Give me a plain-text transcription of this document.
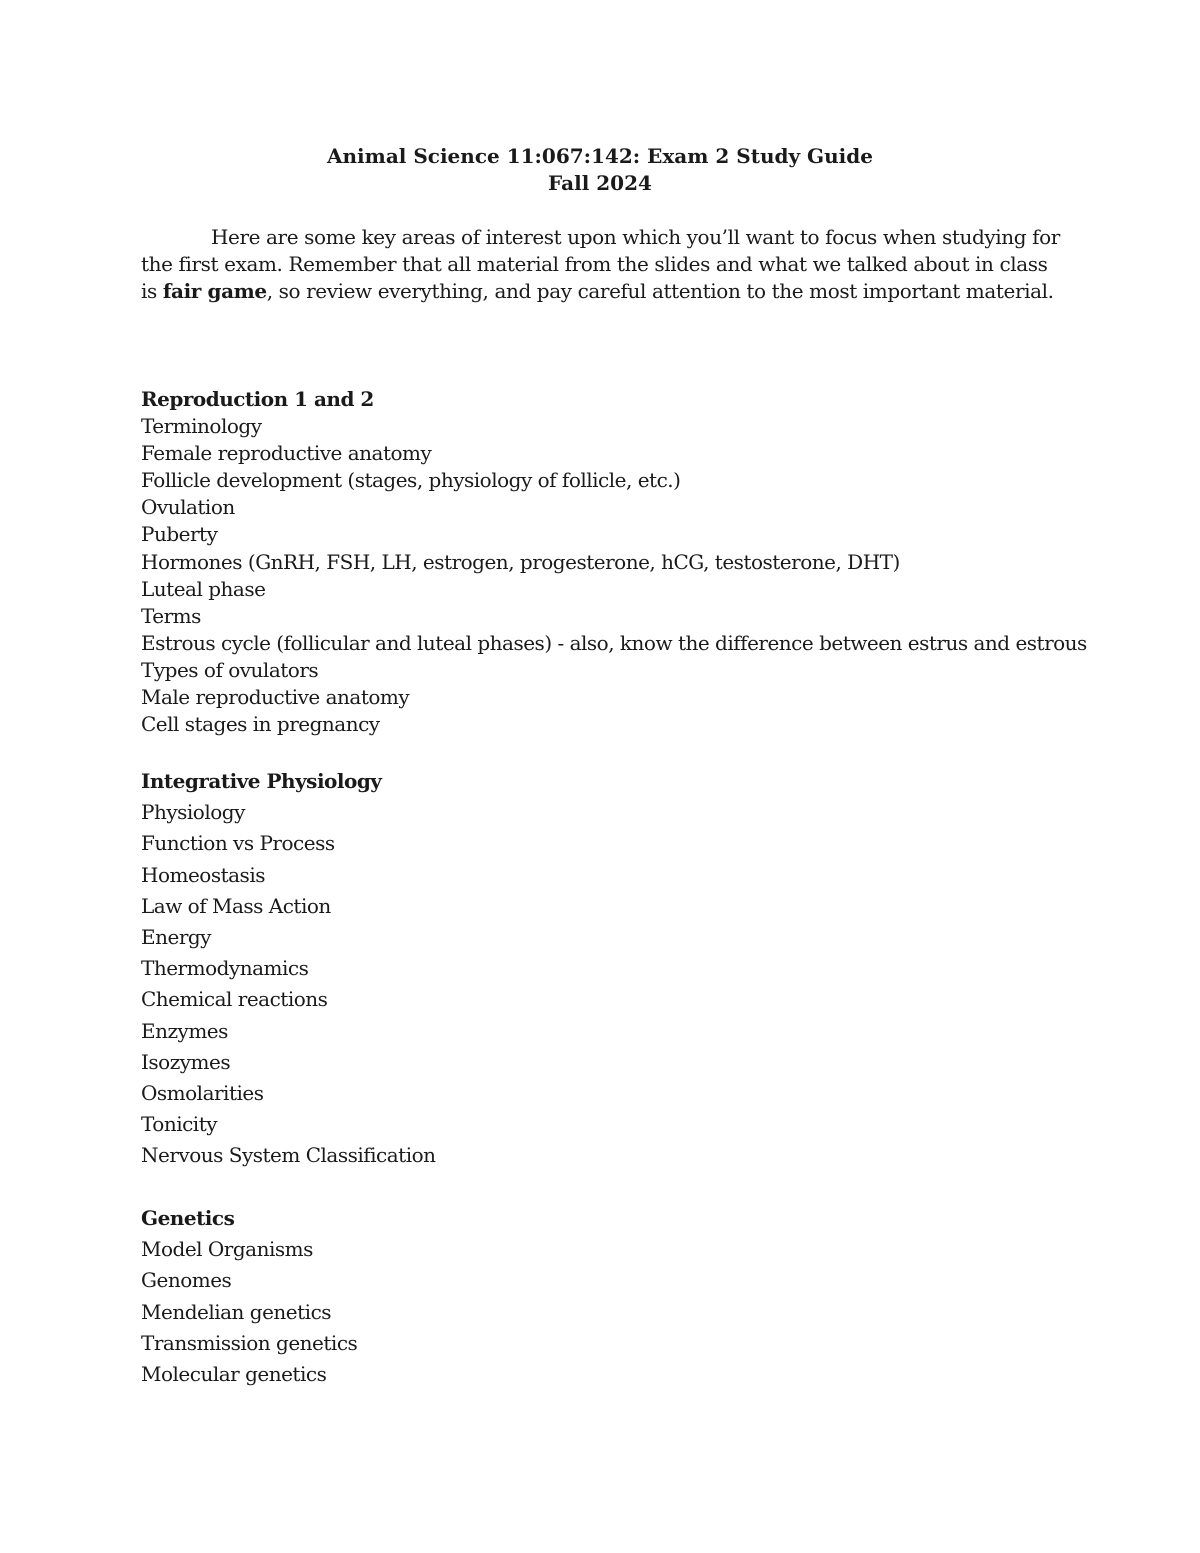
Animal Science 11:067:142: Exam 2 Study Guide
Fall 2024

Here are some key areas of interest upon which you’ll want to focus when studying for the first exam. Remember that all material from the slides and what we talked about in class is fair game, so review everything, and pay careful attention to the most important material.

Reproduction 1 and 2
Terminology
Female reproductive anatomy
Follicle development (stages, physiology of follicle, etc.)
Ovulation
Puberty
Hormones (GnRH, FSH, LH, estrogen, progesterone, hCG, testosterone, DHT)
Luteal phase
Terms
Estrous cycle (follicular and luteal phases) - also, know the difference between estrus and estrous
Types of ovulators
Male reproductive anatomy
Cell stages in pregnancy
Integrative Physiology
Physiology
Function vs Process
Homeostasis
Law of Mass Action
Energy
Thermodynamics
Chemical reactions
Enzymes
Isozymes
Osmolarities
Tonicity
Nervous System Classification
Genetics
Model Organisms
Genomes
Mendelian genetics
Transmission genetics
Molecular genetics
